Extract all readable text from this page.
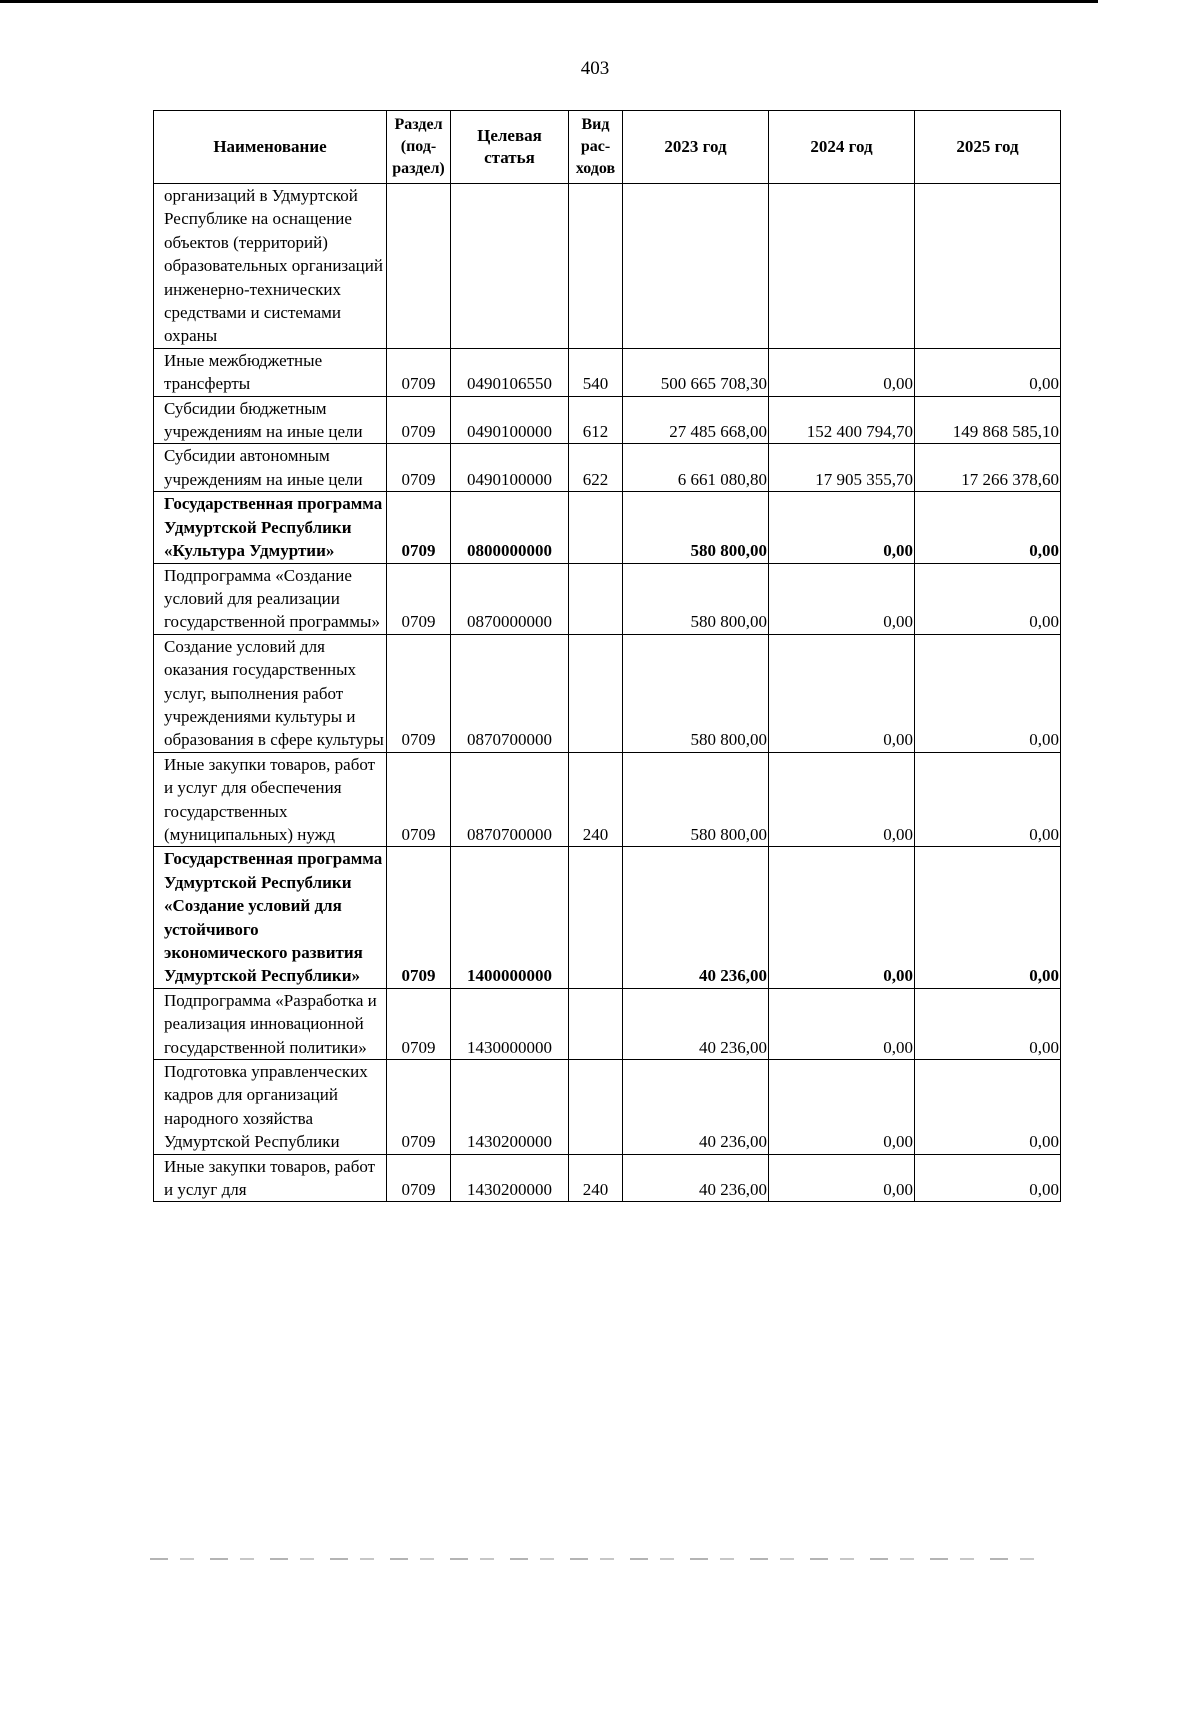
403
Наименование	Раздел (под-раздел)	Целевая статья	Вид рас-ходов	2023 год	2024 год	2025 год
организаций в Удмуртской Республике на оснащение объектов (территорий) образовательных организаций инженерно-технических средствами и системами охраны						
Иные межбюджетные трансферты	0709	0490106550	540	500 665 708,30	0,00	0,00
Субсидии бюджетным учреждениям на иные цели	0709	0490100000	612	27 485 668,00	152 400 794,70	149 868 585,10
Субсидии автономным учреждениям на иные цели	0709	0490100000	622	6 661 080,80	17 905 355,70	17 266 378,60
Государственная программа Удмуртской Республики «Культура Удмуртии»	0709	0800000000		580 800,00	0,00	0,00
Подпрограмма «Создание условий для реализации государственной программы»	0709	0870000000		580 800,00	0,00	0,00
Создание условий для оказания государственных услуг, выполнения работ учреждениями культуры и образования в сфере культуры	0709	0870700000		580 800,00	0,00	0,00
Иные закупки товаров, работ и услуг для обеспечения государственных (муниципальных) нужд	0709	0870700000	240	580 800,00	0,00	0,00
Государственная программа Удмуртской Республики «Создание условий для устойчивого экономического развития Удмуртской Республики»	0709	1400000000		40 236,00	0,00	0,00
Подпрограмма «Разработка и реализация инновационной государственной политики»	0709	1430000000		40 236,00	0,00	0,00
Подготовка управленческих кадров для организаций народного хозяйства Удмуртской Республики	0709	1430200000		40 236,00	0,00	0,00
Иные закупки товаров, работ и услуг для	0709	1430200000	240	40 236,00	0,00	0,00
